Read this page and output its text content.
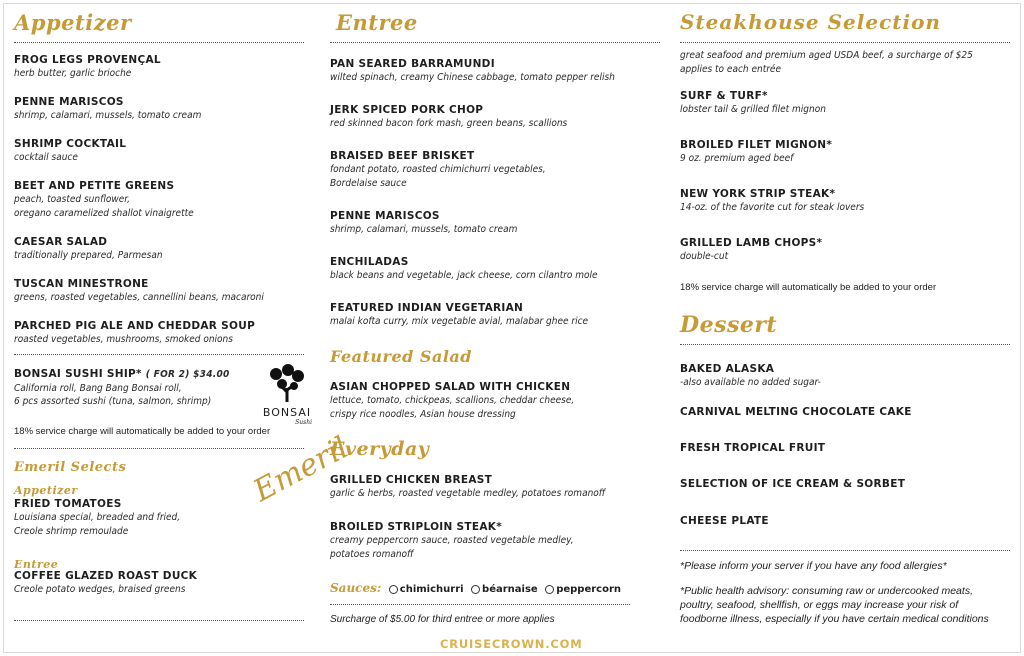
Appetizer
FROG LEGS PROVENÇAL
herb butter, garlic brioche
PENNE MARISCOS
shrimp, calamari, mussels, tomato cream
SHRIMP COCKTAIL
cocktail sauce
BEET AND PETITE GREENS
peach, toasted sunflower,
oregano caramelized shallot vinaigrette
CAESAR SALAD
traditionally prepared, Parmesan
TUSCAN MINESTRONE
greens, roasted vegetables, cannellini beans, macaroni
PARCHED PIG ALE AND CHEDDAR SOUP
roasted vegetables, mushrooms, smoked onions
BONSAI SUSHI SHIP* ( FOR 2) $34.00
California roll, Bang Bang Bonsai roll,
6 pcs assorted sushi (tuna, salmon, shrimp)
BONSAI
Sushi
18% service charge will automatically be added to your order
Emeril Selects
Appetizer
FRIED TOMATOES
Louisiana special, breaded and fried,
Creole shrimp remoulade
Entree
COFFEE GLAZED ROAST DUCK
Creole potato wedges, braised greens
Emeril
Entree
PAN SEARED BARRAMUNDI
wilted spinach, creamy Chinese cabbage, tomato pepper relish
JERK SPICED PORK CHOP
red skinned bacon fork mash, green beans, scallions
BRAISED BEEF BRISKET
fondant potato, roasted chimichurri vegetables,
Bordelaise sauce
PENNE MARISCOS
shrimp, calamari, mussels, tomato cream
ENCHILADAS
black beans and vegetable, jack cheese, corn cilantro mole
FEATURED INDIAN VEGETARIAN
malai kofta curry, mix vegetable avial, malabar ghee rice
Featured Salad
ASIAN CHOPPED SALAD WITH CHICKEN
lettuce, tomato, chickpeas, scallions, cheddar cheese,
crispy rice noodles, Asian house dressing
Everyday
GRILLED CHICKEN BREAST
garlic & herbs, roasted vegetable medley, potatoes romanoff
BROILED STRIPLOIN STEAK*
creamy peppercorn sauce, roasted vegetable medley,
potatoes romanoff
Sauces: chimichurri béarnaise peppercorn
Surcharge of $5.00 for third entree or more applies
Steakhouse Selection
great seafood and premium aged USDA beef, a surcharge of $25
applies to each entrée
SURF & TURF*
lobster tail & grilled filet mignon
BROILED FILET MIGNON*
9 oz. premium aged beef
NEW YORK STRIP STEAK*
14-oz. of the favorite cut for steak lovers
GRILLED LAMB CHOPS*
double-cut
18% service charge will automatically be added to your order
Dessert
BAKED ALASKA
-also available no added sugar-
CARNIVAL MELTING CHOCOLATE CAKE
FRESH TROPICAL FRUIT
SELECTION OF ICE CREAM & SORBET
CHEESE PLATE
*Please inform your server if you have any food allergies*
*Public health advisory: consuming raw or undercooked meats,
poultry, seafood, shellfish, or eggs may increase your risk of
foodborne illness, especially if you have certain medical conditions
CRUISECROWN.COM
